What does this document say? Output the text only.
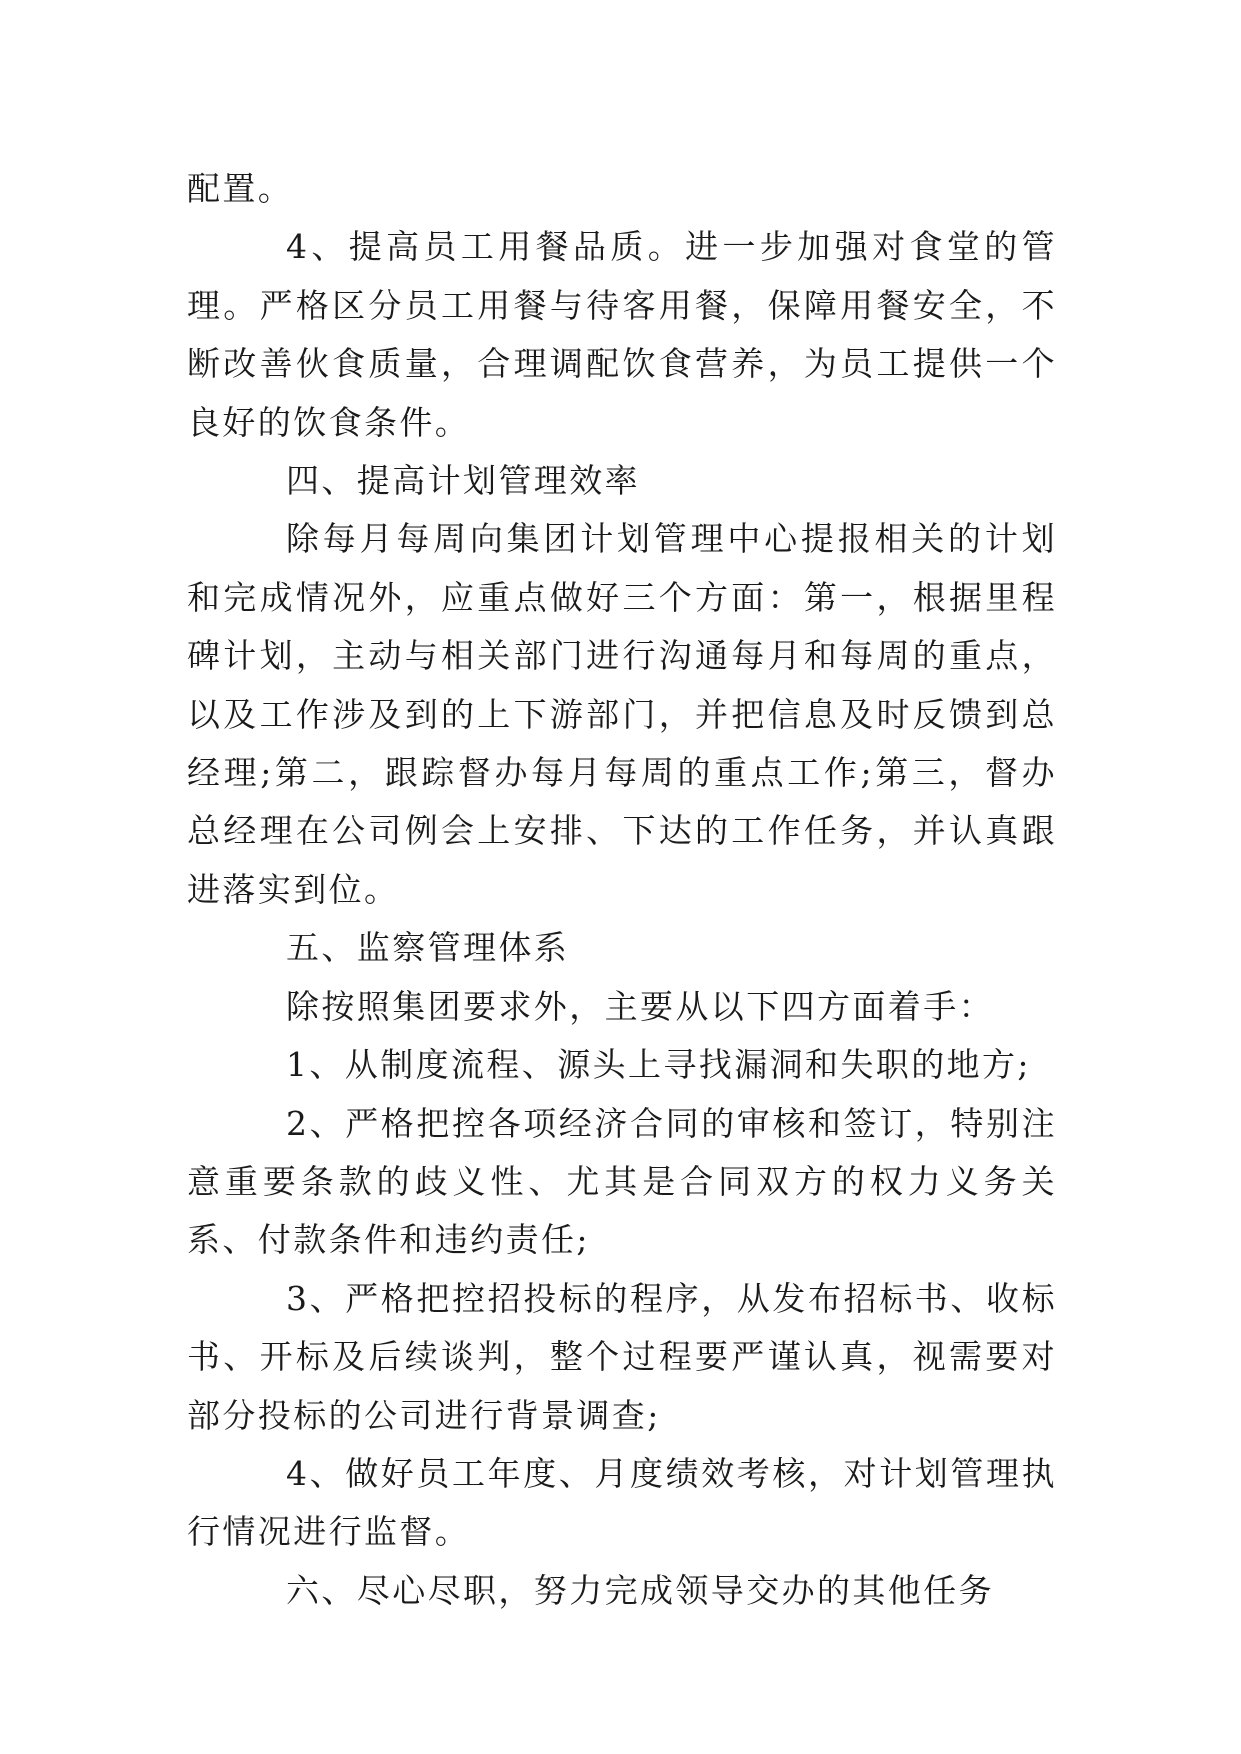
配置。

4、提高员工用餐品质。进一步加强对食堂的管理。严格区分员工用餐与待客用餐，保障用餐安全，不断改善伙食质量，合理调配饮食营养，为员工提供一个良好的饮食条件。

四、提高计划管理效率

除每月每周向集团计划管理中心提报相关的计划和完成情况外，应重点做好三个方面：第一，根据里程碑计划，主动与相关部门进行沟通每月和每周的重点，以及工作涉及到的上下游部门，并把信息及时反馈到总经理;第二，跟踪督办每月每周的重点工作;第三，督办总经理在公司例会上安排、下达的工作任务，并认真跟进落实到位。

五、监察管理体系

除按照集团要求外，主要从以下四方面着手：

1、从制度流程、源头上寻找漏洞和失职的地方;

2、严格把控各项经济合同的审核和签订，特别注意重要条款的歧义性、尤其是合同双方的权力义务关系、付款条件和违约责任;

3、严格把控招投标的程序，从发布招标书、收标书、开标及后续谈判，整个过程要严谨认真，视需要对部分投标的公司进行背景调查;

4、做好员工年度、月度绩效考核，对计划管理执行情况进行监督。

六、尽心尽职，努力完成领导交办的其他任务
